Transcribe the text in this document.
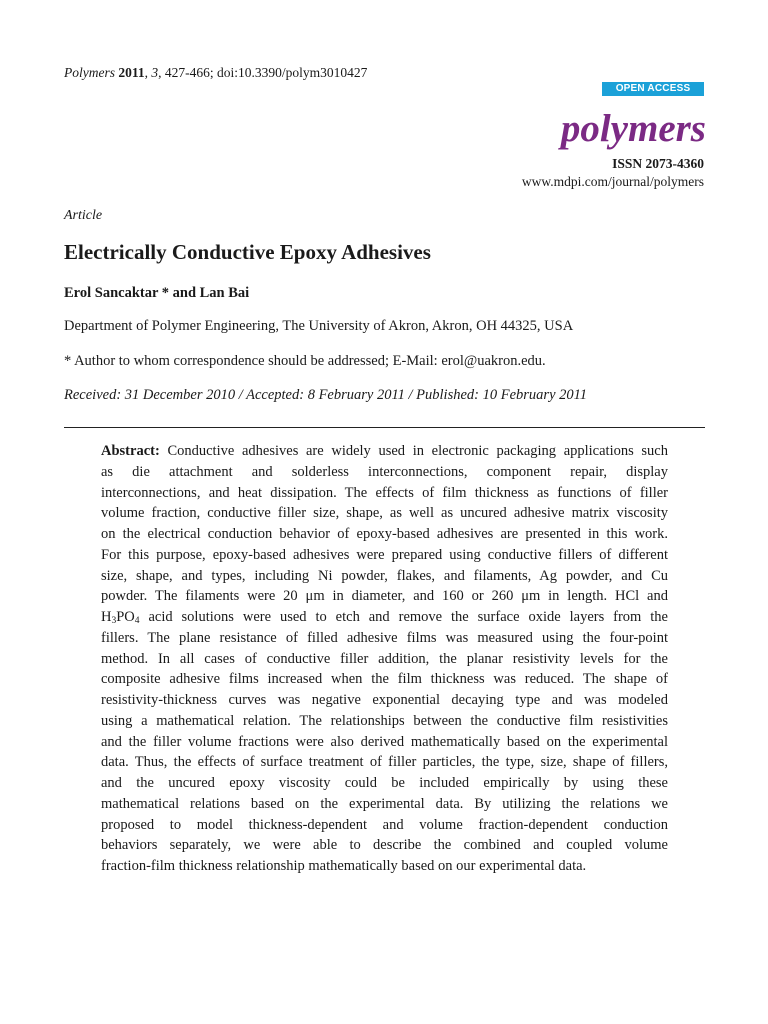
Polymers 2011, 3, 427-466; doi:10.3390/polym3010427
OPEN ACCESS
polymers
ISSN 2073-4360
www.mdpi.com/journal/polymers
Article
Electrically Conductive Epoxy Adhesives
Erol Sancaktar * and Lan Bai
Department of Polymer Engineering, The University of Akron, Akron, OH 44325, USA
* Author to whom correspondence should be addressed; E-Mail: erol@uakron.edu.
Received: 31 December 2010 / Accepted: 8 February 2011 / Published: 10 February 2011
Abstract: Conductive adhesives are widely used in electronic packaging applications such
as die attachment and solderless interconnections, component repair, display
interconnections, and heat dissipation. The effects of film thickness as functions of filler
volume fraction, conductive filler size, shape, as well as uncured adhesive matrix viscosity
on the electrical conduction behavior of epoxy-based adhesives are presented in this work.
For this purpose, epoxy-based adhesives were prepared using conductive fillers of different
size, shape, and types, including Ni powder, flakes, and filaments, Ag powder, and Cu
powder. The filaments were 20 μm in diameter, and 160 or 260 μm in length. HCl and
$H_3PO_4$ acid solutions were used to etch and remove the surface oxide layers from the
fillers. The plane resistance of filled adhesive films was measured using the four-point
method. In all cases of conductive filler addition, the planar resistivity levels for the
composite adhesive films increased when the film thickness was reduced. The shape of
resistivity-thickness curves was negative exponential decaying type and was modeled
using a mathematical relation. The relationships between the conductive film resistivities
and the filler volume fractions were also derived mathematically based on the experimental
data. Thus, the effects of surface treatment of filler particles, the type, size, shape of fillers,
and the uncured epoxy viscosity could be included empirically by using these
mathematical relations based on the experimental data. By utilizing the relations we
proposed to model thickness-dependent and volume fraction-dependent conduction
behaviors separately, we were able to describe the combined and coupled volume
fraction-film thickness relationship mathematically based on our experimental data.
